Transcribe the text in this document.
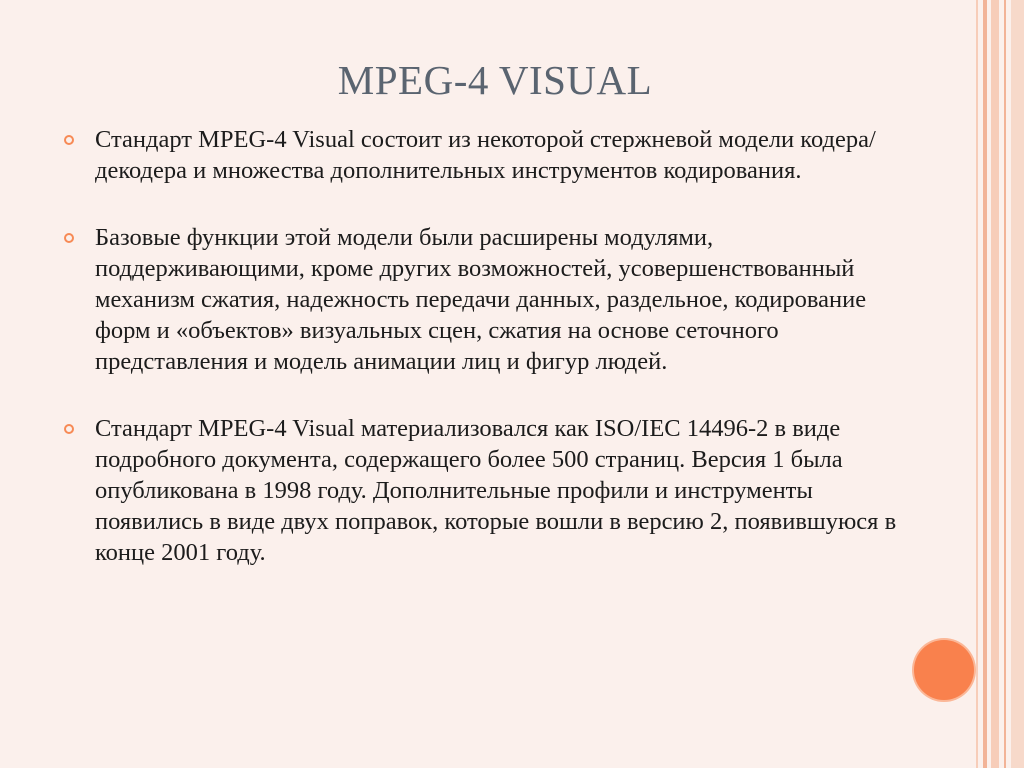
MPEG-4 VISUAL
Стандарт MPEG-4 Visual состоит из некоторой стержневой модели кодера/декодера и множества дополнительных инструментов кодирования.
Базовые функции этой модели были расширены модулями, поддерживающими, кроме других возможностей, усовершенствованный механизм сжатия, надежность передачи данных, раздельное, кодирование форм и «объектов» визуальных сцен, сжатия на основе сеточного представления и модель анимации лиц и фигур людей.
Стандарт MPEG-4 Visual материализовался как ISO/IEC 14496-2 в виде подробного документа, содержащего более 500 страниц. Версия 1 была опубликована в 1998 году. Дополнительные профили и инструменты появились в виде двух поправок, которые вошли в версию 2, появившуюся в конце 2001 году.
